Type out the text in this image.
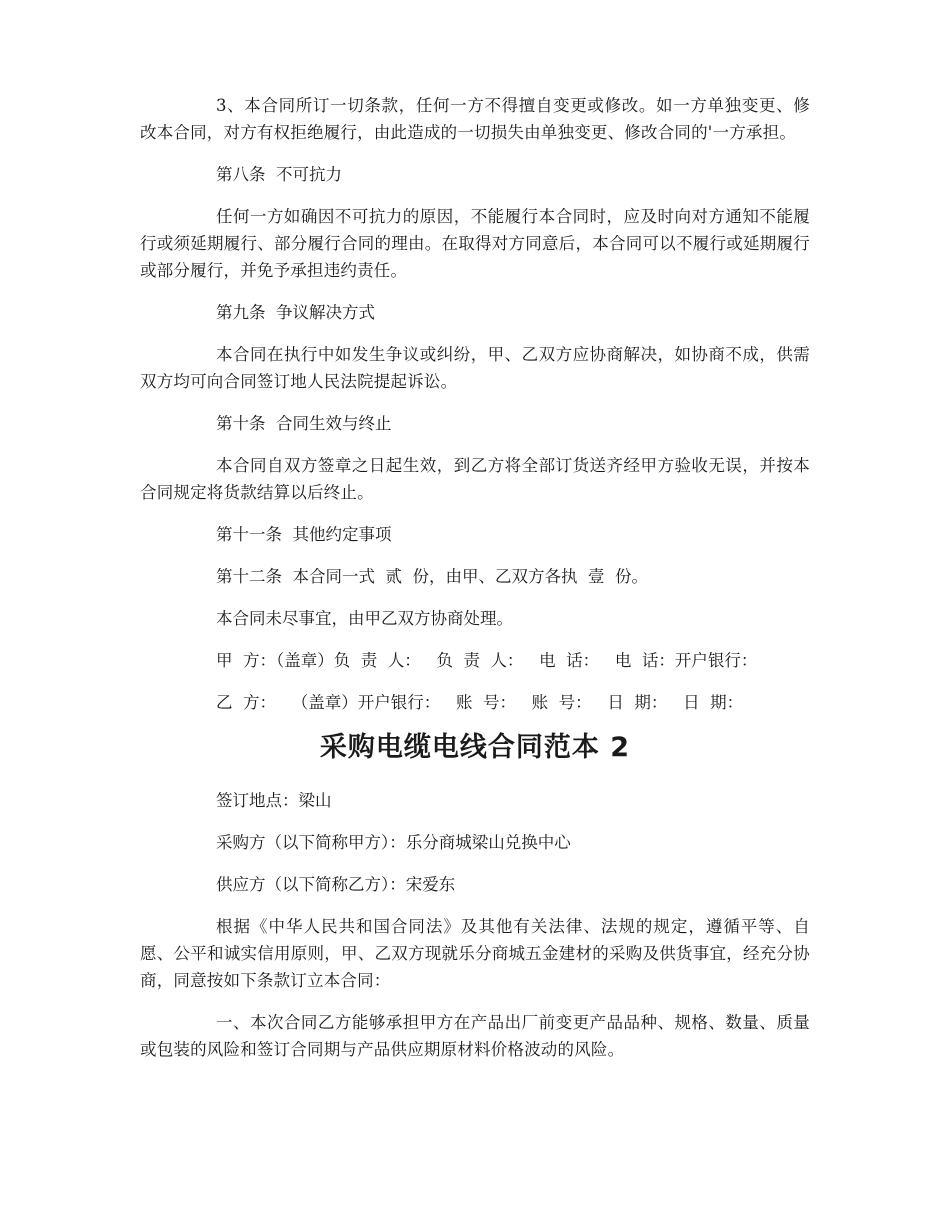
3、本合同所订一切条款，任何一方不得擅自变更或修改。如一方单独变更、修改本合同，对方有权拒绝履行，由此造成的一切损失由单独变更、修改合同的'一方承担。

第八条  不可抗力

任何一方如确因不可抗力的原因，不能履行本合同时，应及时向对方通知不能履行或须延期履行、部分履行合同的理由。在取得对方同意后，本合同可以不履行或延期履行或部分履行，并免予承担违约责任。

第九条  争议解决方式

本合同在执行中如发生争议或纠纷，甲、乙双方应协商解决，如协商不成，供需双方均可向合同签订地人民法院提起诉讼。

第十条  合同生效与终止

本合同自双方签章之日起生效，到乙方将全部订货送齐经甲方验收无误，并按本合同规定将货款结算以后终止。

第十一条  其他约定事项

第十二条  本合同一式  贰  份，由甲、乙双方各执  壹  份。

本合同未尽事宜，由甲乙双方协商处理。

甲  方：（盖章）负  责  人：   负  责  人：   电  话：   电  话：开户银行：

乙  方：   （盖章）开户银行：   账  号：   账  号：   日  期：   日  期：

采购电缆电线合同范本 2

签订地点：梁山

采购方（以下简称甲方）：乐分商城梁山兑换中心

供应方（以下简称乙方）：宋爱东

根据《中华人民共和国合同法》及其他有关法律、法规的规定，遵循平等、自愿、公平和诚实信用原则，甲、乙双方现就乐分商城五金建材的采购及供货事宜，经充分协商，同意按如下条款订立本合同：

一、本次合同乙方能够承担甲方在产品出厂前变更产品品种、规格、数量、质量或包装的风险和签订合同期与产品供应期原材料价格波动的风险。
